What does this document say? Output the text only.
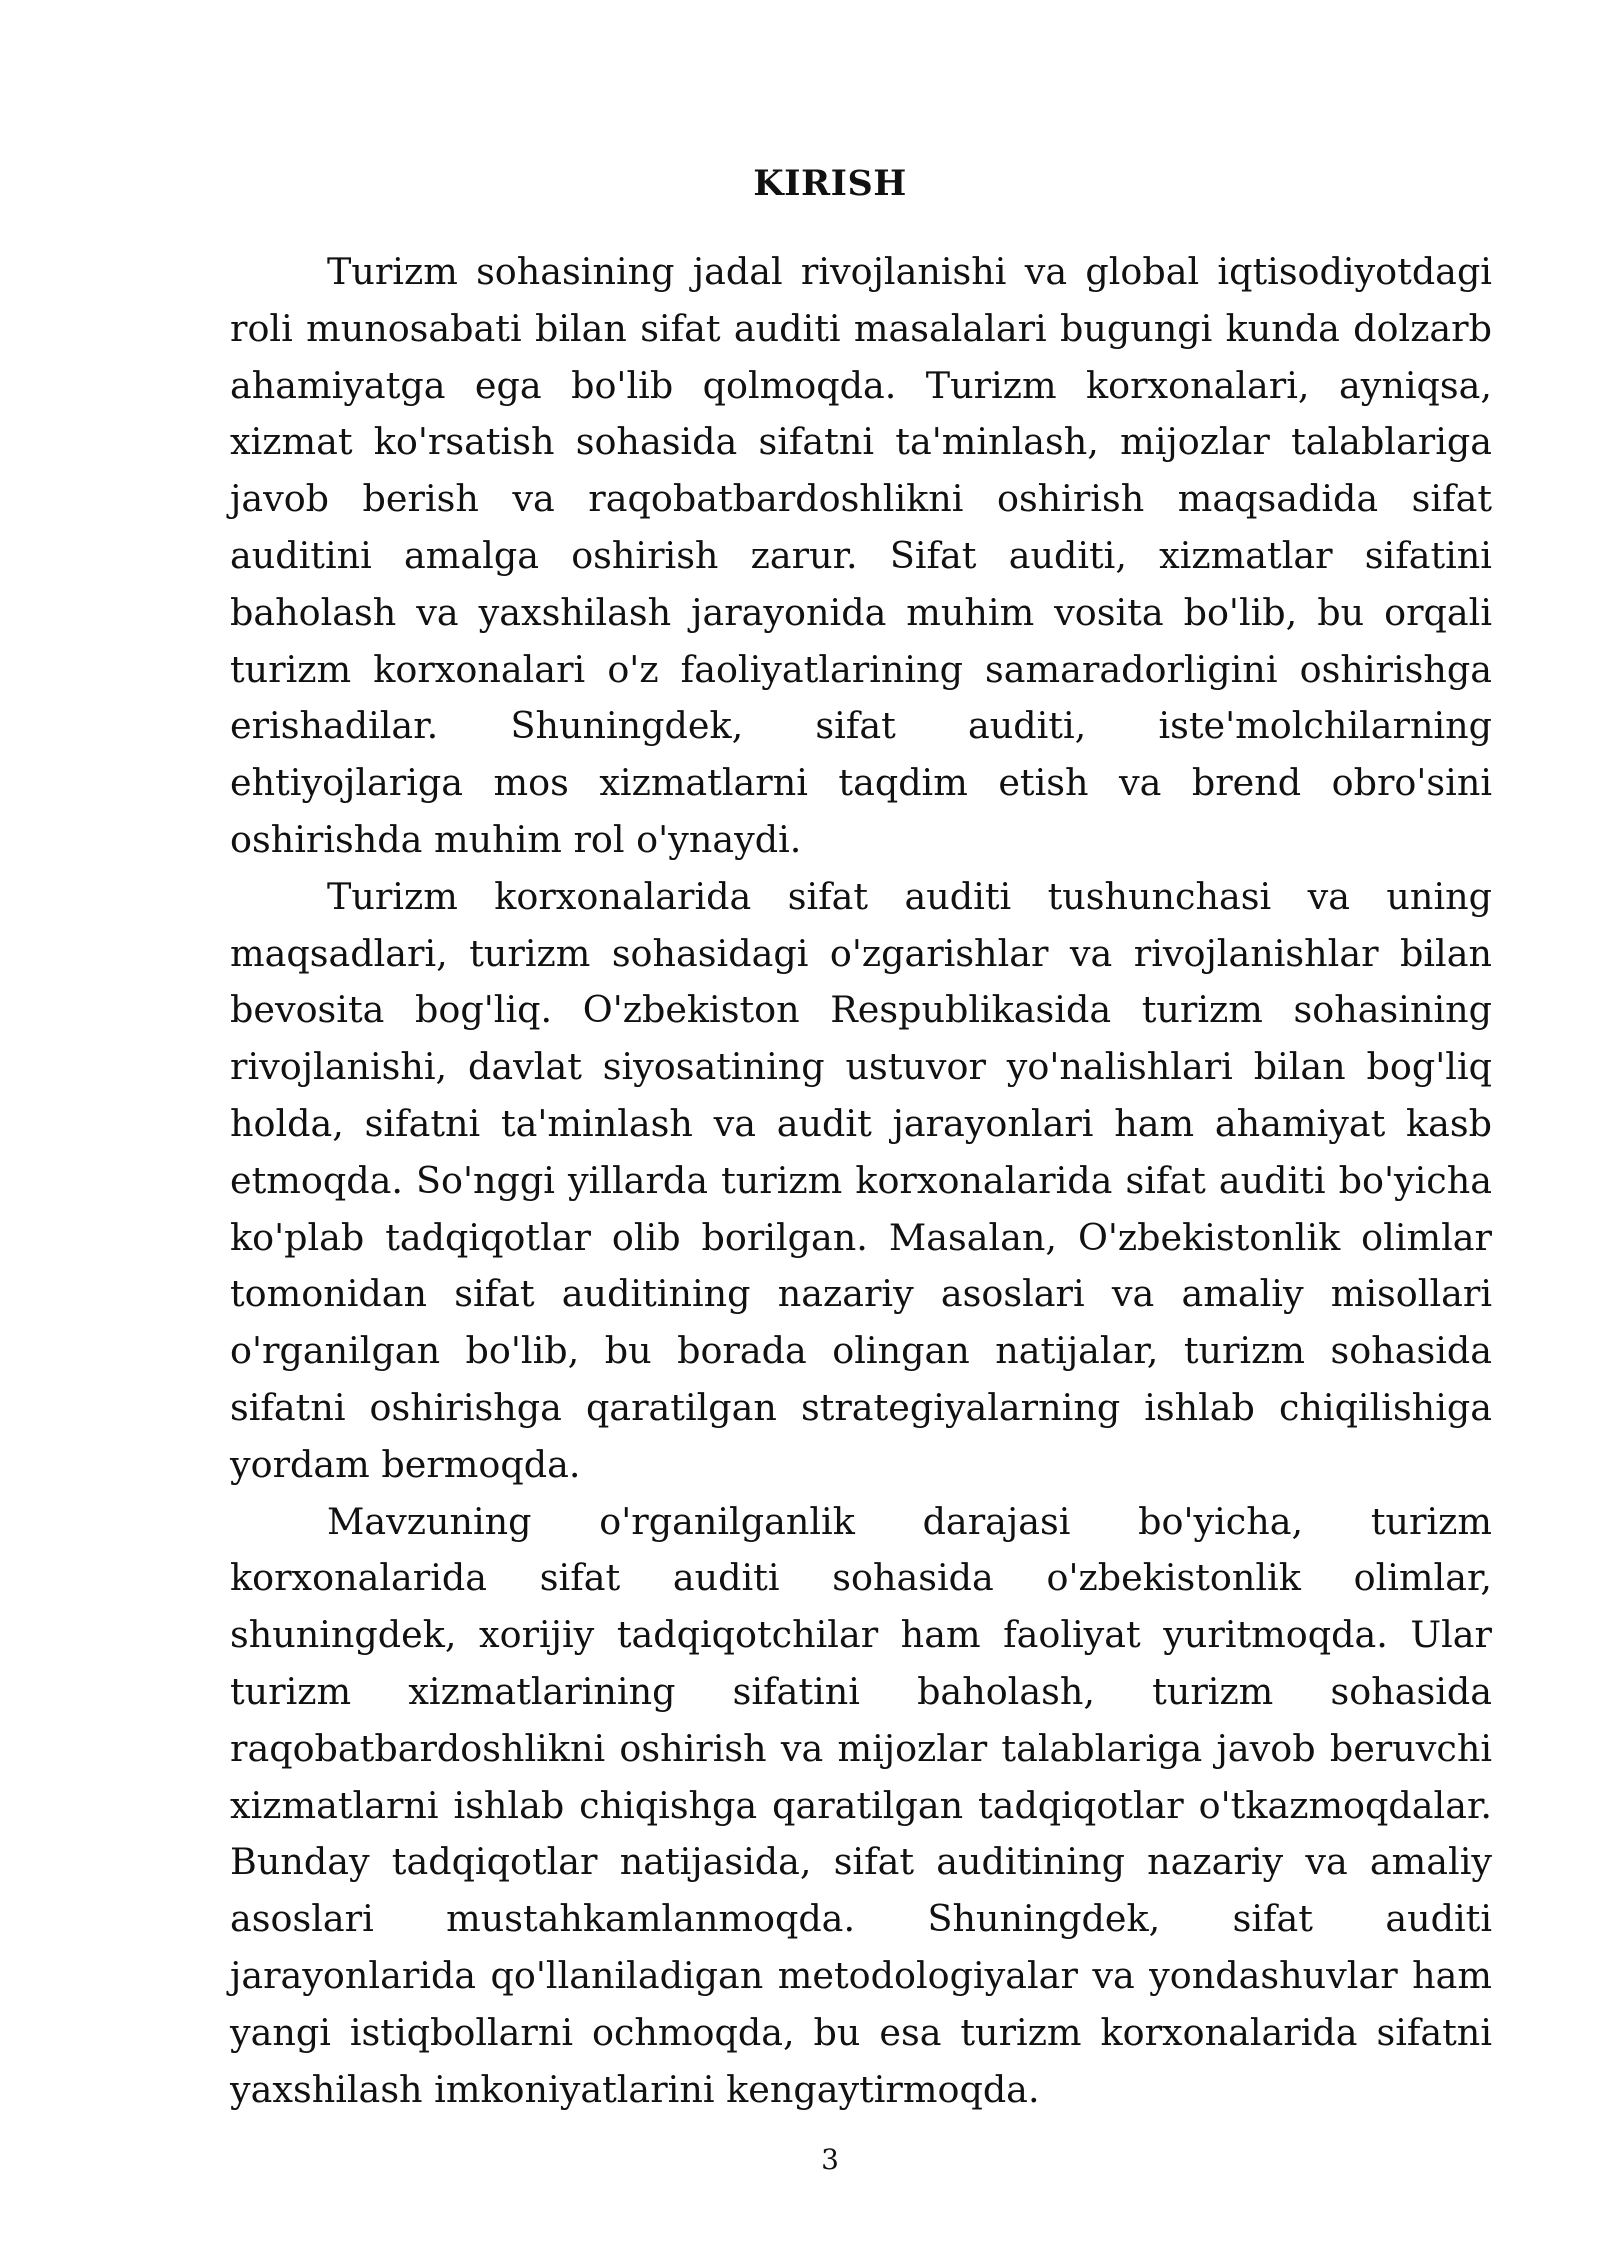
KIRISH

Turizm sohasining jadal rivojlanishi va global iqtisodiyotdagi roli munosabati bilan sifat auditi masalalari bugungi kunda dolzarb ahamiyatga ega bo'lib qolmoqda. Turizm korxonalari, ayniqsa, xizmat ko'rsatish sohasida sifatni ta'minlash, mijozlar talablariga javob berish va raqobatbardoshlikni oshirish maqsadida sifat auditini amalga oshirish zarur. Sifat auditi, xizmatlar sifatini baholash va yaxshilash jarayonida muhim vosita bo'lib, bu orqali turizm korxonalari o'z faoliyatlarining samaradorligini oshirishga erishadilar. Shuningdek, sifat auditi, iste'molchilarning ehtiyojlariga mos xizmatlarni taqdim etish va brend obro'sini oshirishda muhim rol o'ynaydi.

Turizm korxonalarida sifat auditi tushunchasi va uning maqsadlari, turizm sohasidagi o'zgarishlar va rivojlanishlar bilan bevosita bog'liq. O'zbekiston Respublikasida turizm sohasining rivojlanishi, davlat siyosatining ustuvor yo'nalishlari bilan bog'liq holda, sifatni ta'minlash va audit jarayonlari ham ahamiyat kasb etmoqda. So'nggi yillarda turizm korxonalarida sifat auditi bo'yicha ko'plab tadqiqotlar olib borilgan. Masalan, O'zbekistonlik olimlar tomonidan sifat auditining nazariy asoslari va amaliy misollari o'rganilgan bo'lib, bu borada olingan natijalar, turizm sohasida sifatni oshirishga qaratilgan strategiyalarning ishlab chiqilishiga yordam bermoqda.

Mavzuning o'rganilganlik darajasi bo'yicha, turizm korxonalarida sifat auditi sohasida o'zbekistonlik olimlar, shuningdek, xorijiy tadqiqotchilar ham faoliyat yuritmoqda. Ular turizm xizmatlarining sifatini baholash, turizm sohasida raqobatbardoshlikni oshirish va mijozlar talablariga javob beruvchi xizmatlarni ishlab chiqishga qaratilgan tadqiqotlar o'tkazmoqdalar. Bunday tadqiqotlar natijasida, sifat auditining nazariy va amaliy asoslari mustahkamlanmoqda. Shuningdek, sifat auditi jarayonlarida qo'llaniladigan metodologiyalar va yondashuvlar ham yangi istiqbollarni ochmoqda, bu esa turizm korxonalarida sifatni yaxshilash imkoniyatlarini kengaytirmoqda.

3
